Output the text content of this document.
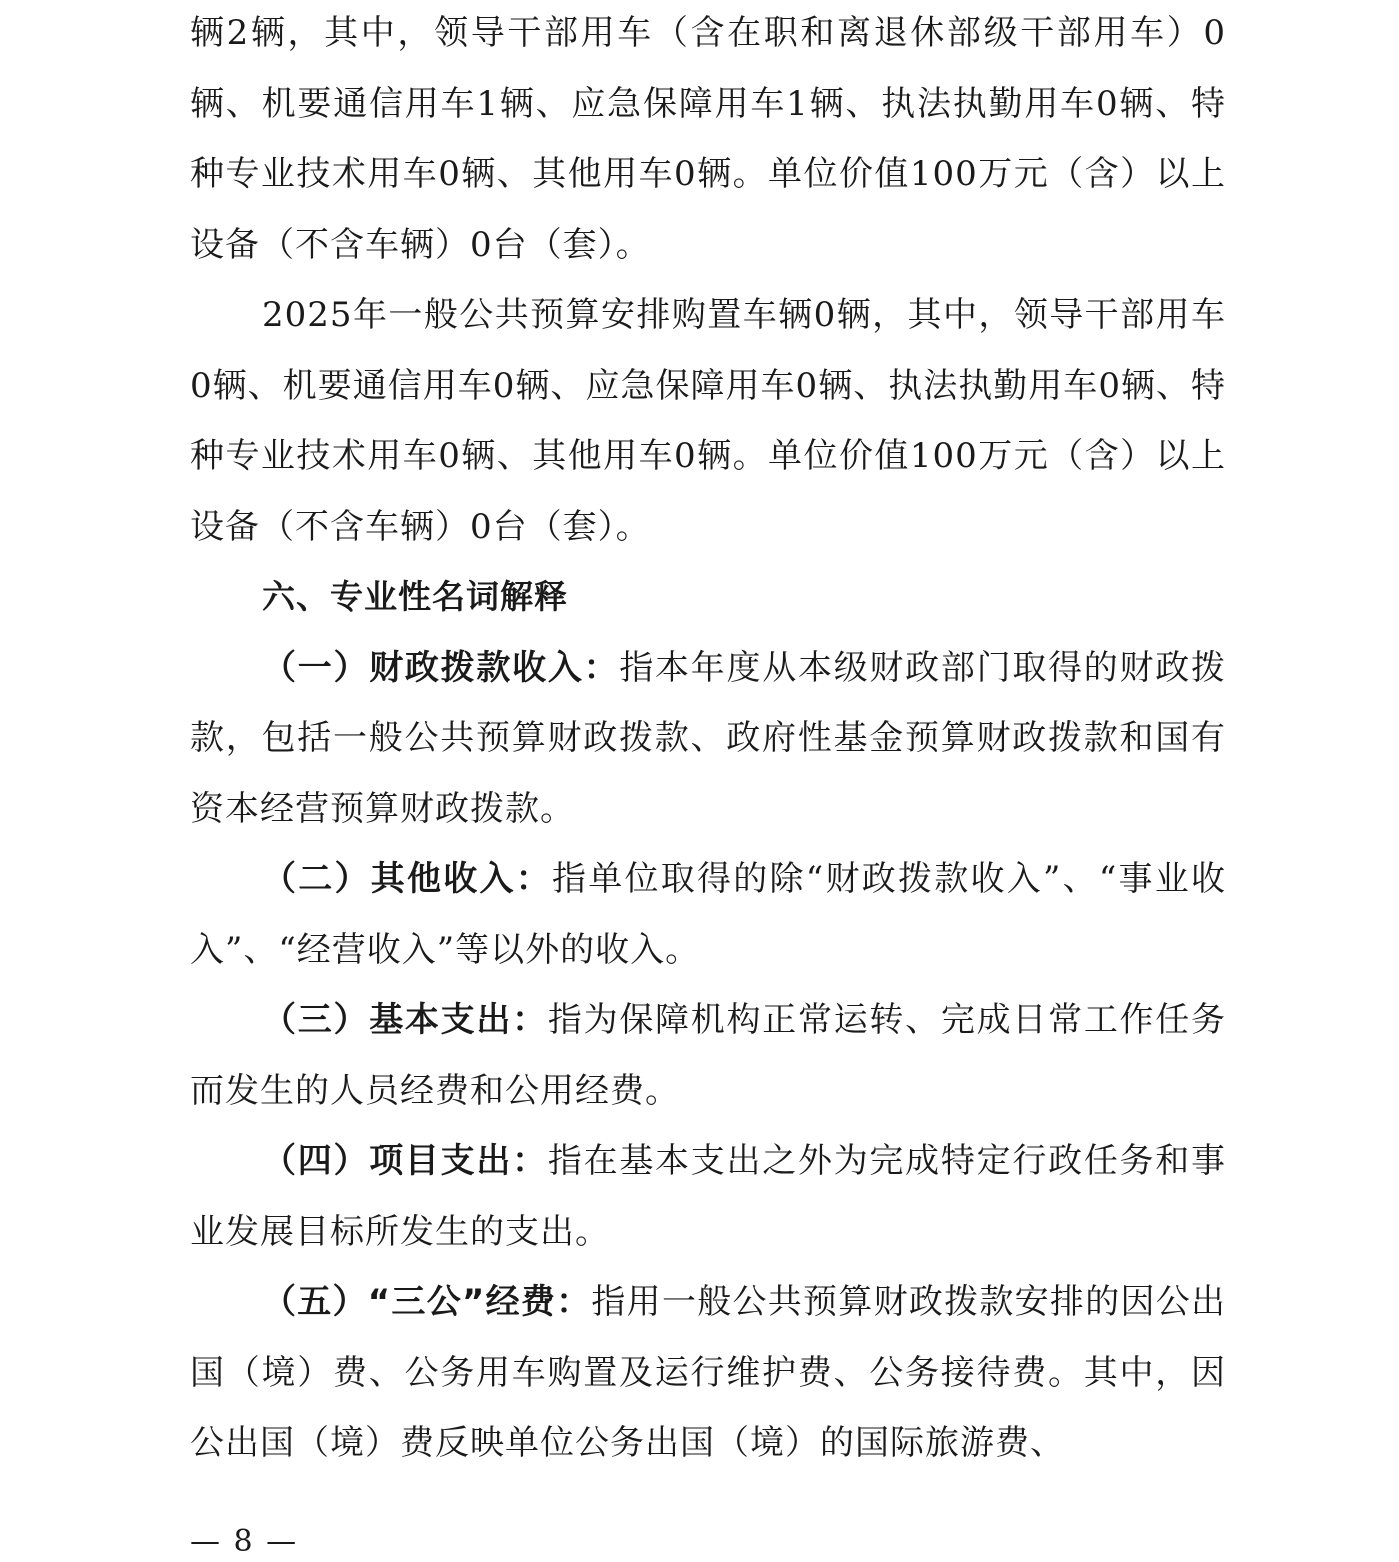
辆2辆，其中，领导干部用车（含在职和离退休部级干部用车）0辆、机要通信用车1辆、应急保障用车1辆、执法执勤用车0辆、特种专业技术用车0辆、其他用车0辆。单位价值100万元（含）以上设备（不含车辆）0台（套）。

2025年一般公共预算安排购置车辆0辆，其中，领导干部用车0辆、机要通信用车0辆、应急保障用车0辆、执法执勤用车0辆、特种专业技术用车0辆、其他用车0辆。单位价值100万元（含）以上设备（不含车辆）0台（套）。

六、专业性名词解释

（一）财政拨款收入：指本年度从本级财政部门取得的财政拨款，包括一般公共预算财政拨款、政府性基金预算财政拨款和国有资本经营预算财政拨款。

（二）其他收入：指单位取得的除“财政拨款收入”、“事业收入”、“经营收入”等以外的收入。

（三）基本支出：指为保障机构正常运转、完成日常工作任务而发生的人员经费和公用经费。

（四）项目支出：指在基本支出之外为完成特定行政任务和事业发展目标所发生的支出。

（五）“三公”经费：指用一般公共预算财政拨款安排的因公出国（境）费、公务用车购置及运行维护费、公务接待费。其中，因公出国（境）费反映单位公务出国（境）的国际旅游费、

— 8 —
